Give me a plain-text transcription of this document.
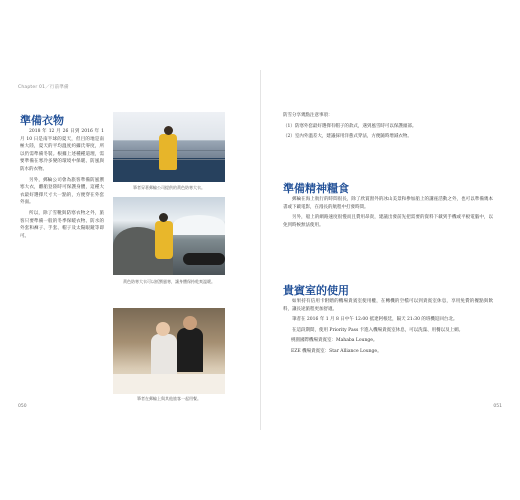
Chapter 01／行前準備
準備衣物

2018 年 12 月 26 日到 2016 年 1 月 10 日是南半球的夏天，但目的地是南極大陸，夏天的平均溫度約攝氏零度，所以仍需準備冬裝。根據上述種種道理，需要準備在寒冷多變的環境中保暖、防風與防水的衣物。

另外，郵輪公司會為旅客準備防風禦寒大衣，離船登陸時可保護身體，這種大衣最好選擇尺寸大一點的，方便穿在外套外面。

所以，除了雪靴與防寒衣物之外，旅客只要準備一般的冬季保暖衣物、防水的外套和褲子、手套、帽子及太陽眼鏡等即可。

筆者穿著郵輪公司提供的黃色防寒大衣。
黃色防寒大衣可以抵禦風寒，讓身體保持乾爽溫暖。
筆者在郵輪上與其他旅客一起用餐。

防雪分享幾點注意事項：

（1）防寒外套最好選擇有帽子的款式，遇到風雪時可以保護頭部。

（2）室內外溫差大，建議採用洋蔥式穿法，方便隨時增減衣物。

準備精神糧食

郵輪在海上航行的時間很長，除了欣賞窗外的冰山美景和參加船上的講座活動之外，也可以準備幾本書或下載電影，在漫長的航程中打發時間。

另外，船上的網路速度很慢而且費用昂貴，建議出發前先把需要的資料下載到手機或平板電腦中，以免到時候無法使用。

貴賓室的使用

如果持有信用卡附贈的機場貴賓室使用權，在轉機的空檔可以到貴賓室休息，享用免費的餐點與飲料，讓長途旅程更加舒適。

筆者在 2016 年 1 月 8 日中午 12:00 抵達阿根廷，隔天 21:30 的班機返回台北。

在這段期間，使用 Priority Pass 卡進入機場貴賓室休息，可以洗澡、用餐以及上網。

桃園國際機場貴賓室：Mahaba Lounge。

EZE 機場貴賓室：Star Alliance Lounge。

050	051
